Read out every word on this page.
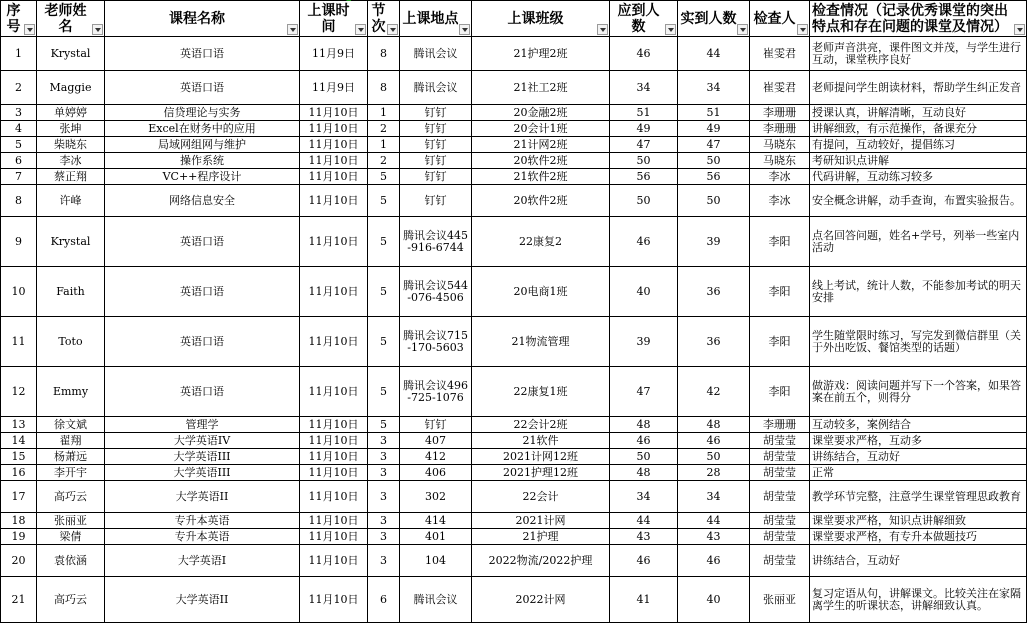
序号	老师姓名	课程名称	上课时间	节次	上课地点	上课班级	应到人数	实到人数	检查人	检查情况（记录优秀课堂的突出特点和存在问题的课堂及情况）

1	Krystal	英语口语	11月9日	8	腾讯会议	21护理2班	46	44	崔雯君	老师声音洪亮，课件图文并茂，与学生进行互动，课堂秩序良好
2	Maggie	英语口语	11月9日	8	腾讯会议	21社工2班	34	34	崔雯君	老师提问学生朗读材料，帮助学生纠正发音
3	单婷婷	信贷理论与实务	11月10日	1	钉钉	20金融2班	51	51	李珊珊	授课认真，讲解清晰，互动良好
4	张坤	Excel在财务中的应用	11月10日	2	钉钉	20会计1班	49	49	李珊珊	讲解细致，有示范操作，备课充分
5	柴晓东	局域网组网与维护	11月10日	1	钉钉	21计网2班	47	47	马晓东	有提问，互动较好，提倡练习
6	李冰	操作系统	11月10日	2	钉钉	20软件2班	50	50	马晓东	考研知识点讲解
7	蔡正翔	VC++程序设计	11月10日	5	钉钉	21软件2班	56	56	李冰	代码讲解，互动练习较多
8	许峰	网络信息安全	11月10日	5	钉钉	20软件2班	50	50	李冰	安全概念讲解，动手查询，布置实验报告。
9	Krystal	英语口语	11月10日	5	腾讯会议445-916-6744	22康复2	46	39	李阳	点名回答问题，姓名+学号，列举一些室内活动
10	Faith	英语口语	11月10日	5	腾讯会议544-076-4506	20电商1班	40	36	李阳	线上考试，统计人数，不能参加考试的明天安排
11	Toto	英语口语	11月10日	5	腾讯会议715-170-5603	21物流管理	39	36	李阳	学生随堂限时练习，写完发到微信群里（关于外出吃饭、餐馆类型的话题）
12	Emmy	英语口语	11月10日	5	腾讯会议496-725-1076	22康复1班	47	42	李阳	做游戏：阅读问题并写下一个答案，如果答案在前五个，则得分
13	徐文斌	管理学	11月10日	5	钉钉	22会计2班	48	48	李珊珊	互动较多，案例结合
14	翟翔	大学英语IV	11月10日	3	407	21软件	46	46	胡莹莹	课堂要求严格，互动多
15	杨萧远	大学英语III	11月10日	3	412	2021计网12班	50	50	胡莹莹	讲练结合，互动好
16	李开宇	大学英语III	11月10日	3	406	2021护理12班	48	28	胡莹莹	正常
17	高巧云	大学英语II	11月10日	3	302	22会计	34	34	胡莹莹	教学环节完整，注意学生课堂管理思政教育
18	张丽亚	专升本英语	11月10日	3	414	2021计网	44	44	胡莹莹	课堂要求严格，知识点讲解细致
19	梁倩	专升本英语	11月10日	3	401	21护理	43	43	胡莹莹	课堂要求严格，有专升本做题技巧
20	袁依涵	大学英语I	11月10日	3	104	2022物流/2022护理	46	46	胡莹莹	讲练结合，互动好
21	高巧云	大学英语II	11月10日	6	腾讯会议	2022计网	41	40	张丽亚	复习定语从句，讲解课文。比较关注在家隔离学生的听课状态，讲解细致认真。
